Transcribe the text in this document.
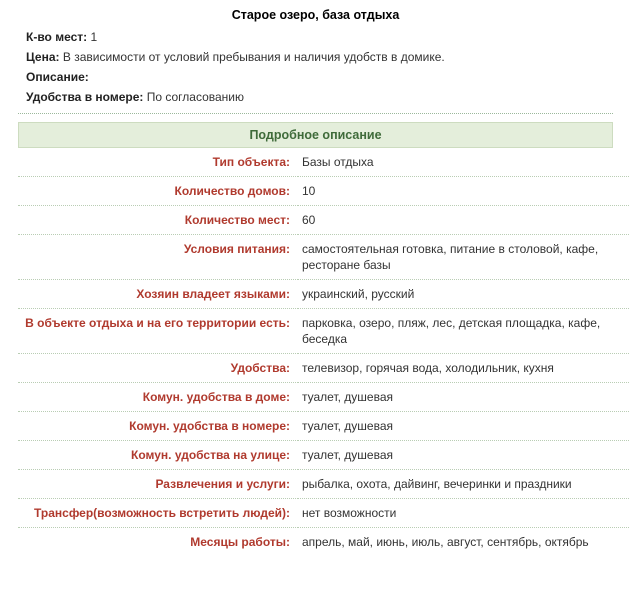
Старое озеро, база отдыха
К-во мест: 1
Цена: В зависимости от условий пребывания и наличия удобств в домике.
Описание:
Удобства в номере: По согласованию
Подробное описание
Тип объекта:	Базы отдыха
Количество домов:	10
Количество мест:	60
Условия питания:	самостоятельная готовка, питание в столовой, кафе, ресторане базы
Хозяин владеет языками:	украинский, русский
В объекте отдыха и на его территории есть:	парковка, озеро, пляж, лес, детская площадка, кафе, беседка
Удобства:	телевизор, горячая вода, холодильник, кухня
Комун. удобства в доме:	туалет, душевая
Комун. удобства в номере:	туалет, душевая
Комун. удобства на улице:	туалет, душевая
Развлечения и услуги:	рыбалка, охота, дайвинг, вечеринки и праздники
Трансфер(возможность встретить людей):	нет возможности
Месяцы работы:	апрель, май, июнь, июль, август, сентябрь, октябрь
